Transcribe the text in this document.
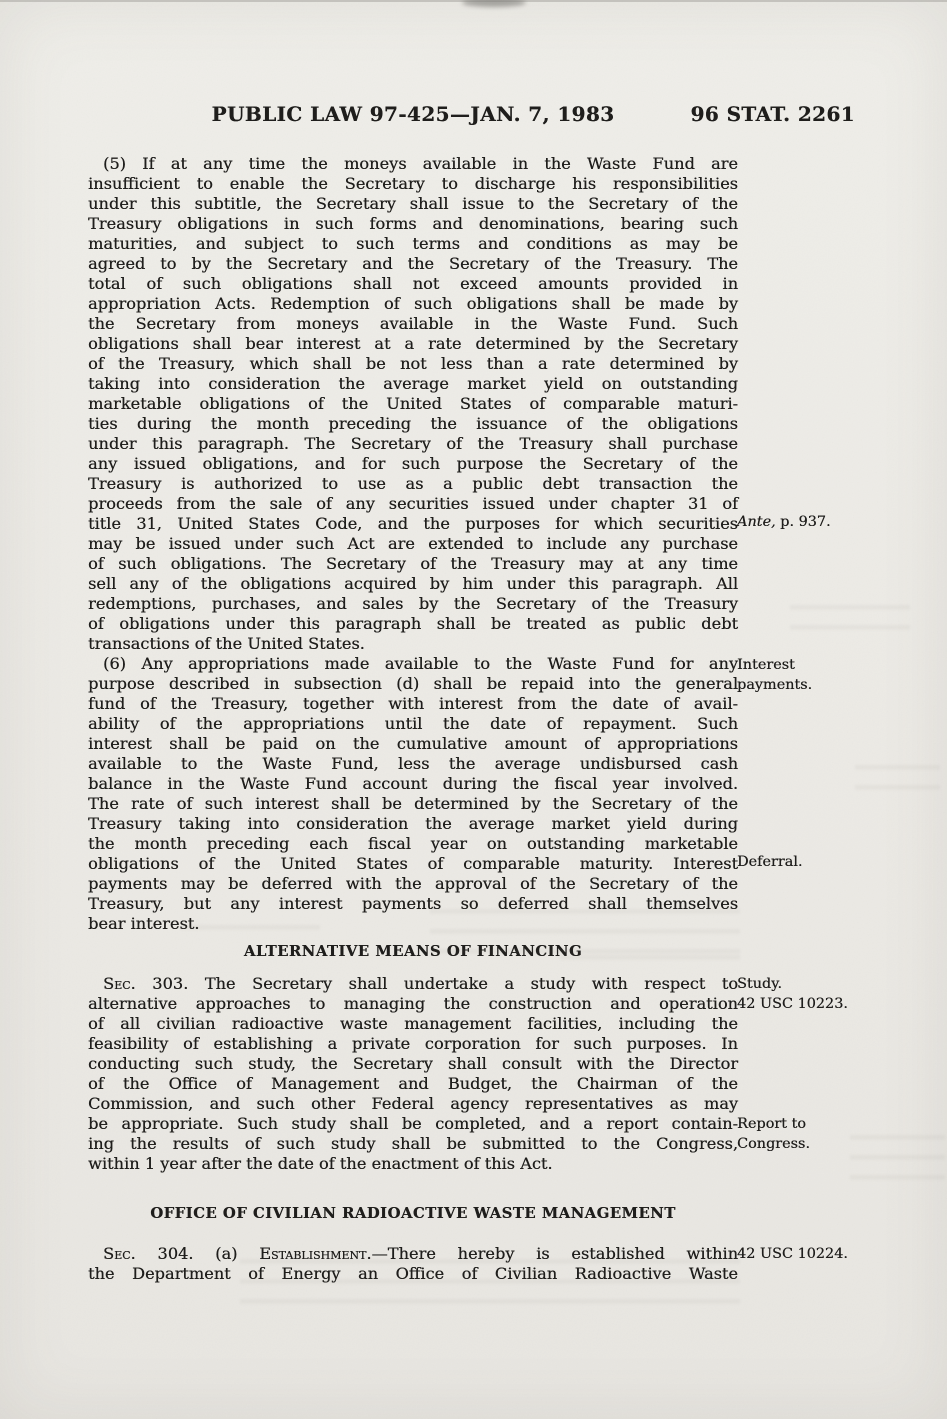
PUBLIC LAW 97-425—JAN. 7, 1983	96 STAT. 2261
(5) If at any time the moneys available in the Waste Fund are
insufficient to enable the Secretary to discharge his responsibilities
under this subtitle, the Secretary shall issue to the Secretary of the
Treasury obligations in such forms and denominations, bearing such
maturities, and subject to such terms and conditions as may be
agreed to by the Secretary and the Secretary of the Treasury. The
total of such obligations shall not exceed amounts provided in
appropriation Acts. Redemption of such obligations shall be made by
the Secretary from moneys available in the Waste Fund. Such
obligations shall bear interest at a rate determined by the Secretary
of the Treasury, which shall be not less than a rate determined by
taking into consideration the average market yield on outstanding
marketable obligations of the United States of comparable maturi-
ties during the month preceding the issuance of the obligations
under this paragraph. The Secretary of the Treasury shall purchase
any issued obligations, and for such purpose the Secretary of the
Treasury is authorized to use as a public debt transaction the
proceeds from the sale of any securities issued under chapter 31 of
title 31, United States Code, and the purposes for which securities
may be issued under such Act are extended to include any purchase
of such obligations. The Secretary of the Treasury may at any time
sell any of the obligations acquired by him under this paragraph. All
redemptions, purchases, and sales by the Secretary of the Treasury
of obligations under this paragraph shall be treated as public debt
transactions of the United States.
(6) Any appropriations made available to the Waste Fund for any
purpose described in subsection (d) shall be repaid into the general
fund of the Treasury, together with interest from the date of avail-
ability of the appropriations until the date of repayment. Such
interest shall be paid on the cumulative amount of appropriations
available to the Waste Fund, less the average undisbursed cash
balance in the Waste Fund account during the fiscal year involved.
The rate of such interest shall be determined by the Secretary of the
Treasury taking into consideration the average market yield during
the month preceding each fiscal year on outstanding marketable
obligations of the United States of comparable maturity. Interest
payments may be deferred with the approval of the Secretary of the
Treasury, but any interest payments so deferred shall themselves
bear interest.
ALTERNATIVE MEANS OF FINANCING
Sec. 303. The Secretary shall undertake a study with respect to
alternative approaches to managing the construction and operation
of all civilian radioactive waste management facilities, including the
feasibility of establishing a private corporation for such purposes. In
conducting such study, the Secretary shall consult with the Director
of the Office of Management and Budget, the Chairman of the
Commission, and such other Federal agency representatives as may
be appropriate. Such study shall be completed, and a report contain-
ing the results of such study shall be submitted to the Congress,
within 1 year after the date of the enactment of this Act.
OFFICE OF CIVILIAN RADIOACTIVE WASTE MANAGEMENT
Sec. 304. (a) Establishment.—There hereby is established within
the Department of Energy an Office of Civilian Radioactive Waste
Ante, p. 937.
Interest
payments.
Deferral.
Study.
42 USC 10223.
Report to
Congress.
42 USC 10224.
